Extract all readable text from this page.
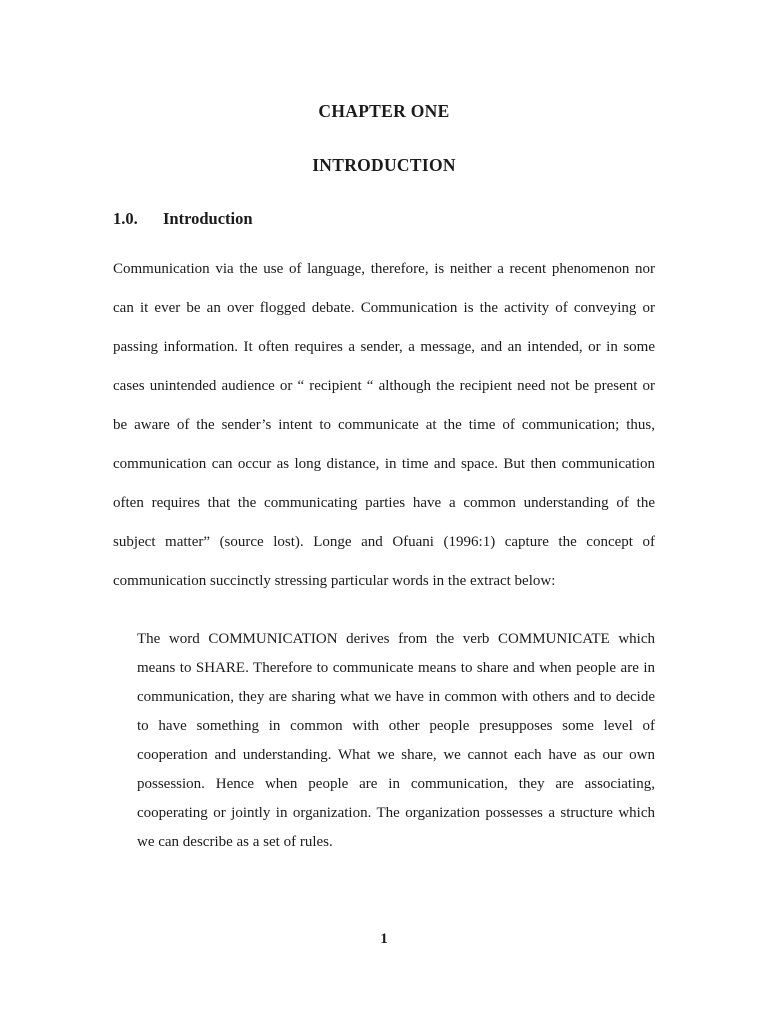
CHAPTER ONE
INTRODUCTION
1.0. Introduction
Communication via the use of language, therefore, is neither a recent phenomenon nor
can it ever be an over flogged debate. Communication is the activity of conveying or
passing information. It often requires a sender, a message, and an intended, or in some
cases unintended audience or “ recipient “ although the recipient need not be present or
be aware of the sender’s intent to communicate at the time of communication; thus,
communication can occur as long distance, in time and space. But then communication
often requires that the communicating parties have a common understanding of the
subject matter” (source lost). Longe and Ofuani (1996:1) capture the concept of
communication succinctly stressing particular words in the extract below:
The word COMMUNICATION derives from the verb COMMUNICATE which
means to SHARE. Therefore to communicate means to share and when people are in
communication, they are sharing what we have in common with others and to decide
to have something in common with other people presupposes some level of
cooperation and understanding. What we share, we cannot each have as our own
possession. Hence when people are in communication, they are associating,
cooperating or jointly in organization. The organization possesses a structure which
we can describe as a set of rules.
1
